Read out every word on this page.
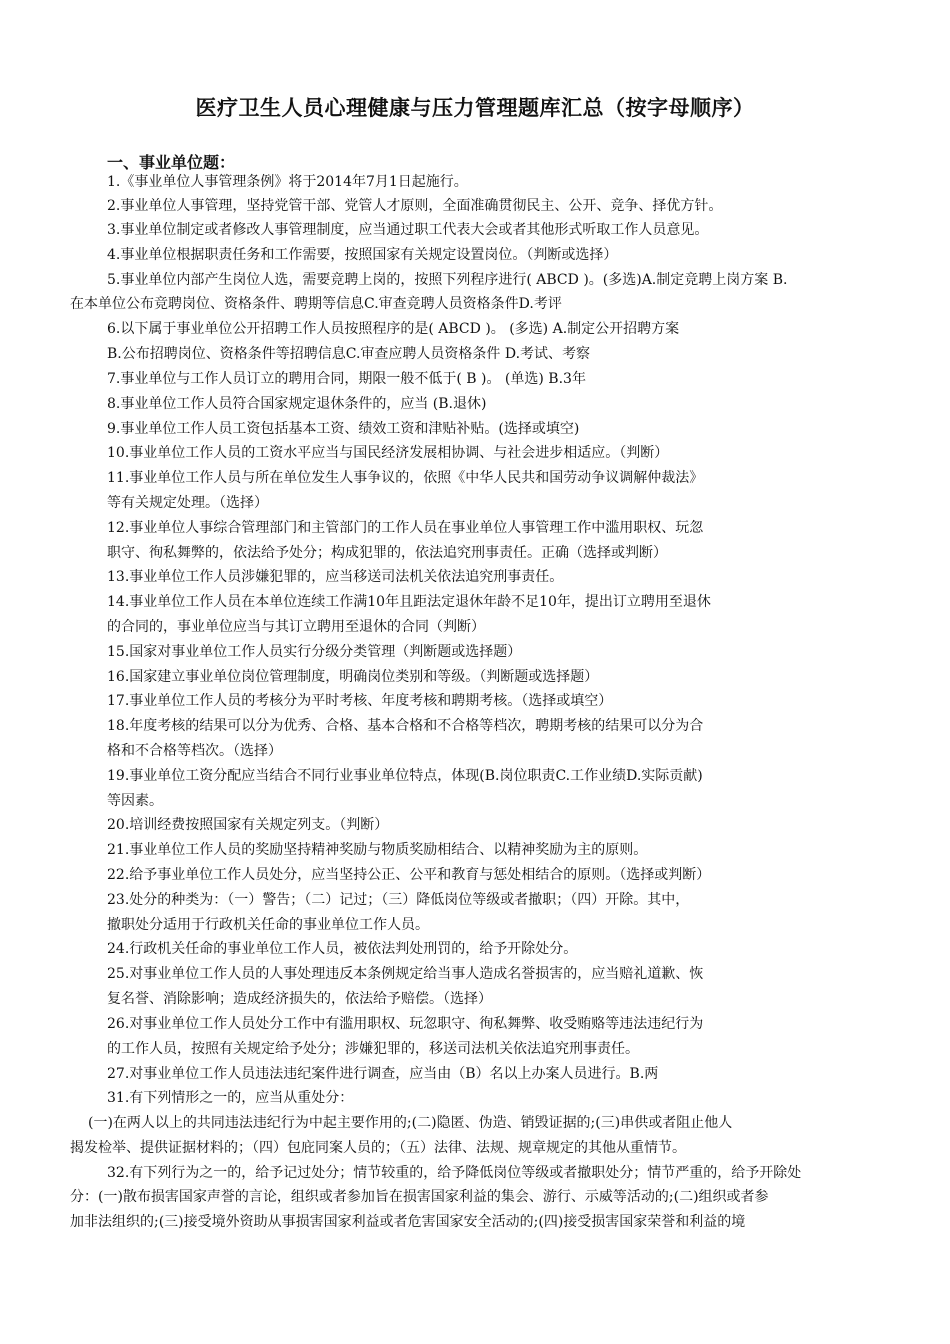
医疗卫生人员心理健康与压力管理题库汇总（按字母顺序）
一、事业单位题：
1.《事业单位人事管理条例》将于2014年7月1日起施行。
2.事业单位人事管理，坚持党管干部、党管人才原则，全面准确贯彻民主、公开、竞争、择优方针。
3.事业单位制定或者修改人事管理制度，应当通过职工代表大会或者其他形式听取工作人员意见。
4.事业单位根据职责任务和工作需要，按照国家有关规定设置岗位。（判断或选择）
5.事业单位内部产生岗位人选，需要竞聘上岗的，按照下列程序进行( ABCD )。(多选)A.制定竞聘上岗方案 B.
在本单位公布竞聘岗位、资格条件、聘期等信息C.审查竞聘人员资格条件D.考评
6.以下属于事业单位公开招聘工作人员按照程序的是( ABCD )。 (多选) A.制定公开招聘方案
B.公布招聘岗位、资格条件等招聘信息C.审查应聘人员资格条件 D.考试、考察
7.事业单位与工作人员订立的聘用合同，期限一般不低于( B )。 (单选) B.3年
8.事业单位工作人员符合国家规定退休条件的，应当 (B.退休)
9.事业单位工作人员工资包括基本工资、绩效工资和津贴补贴。(选择或填空)
10.事业单位工作人员的工资水平应当与国民经济发展相协调、与社会进步相适应。（判断）
11.事业单位工作人员与所在单位发生人事争议的，依照《中华人民共和国劳动争议调解仲裁法》
等有关规定处理。（选择）
12.事业单位人事综合管理部门和主管部门的工作人员在事业单位人事管理工作中滥用职权、玩忽
职守、徇私舞弊的，依法给予处分；构成犯罪的，依法追究刑事责任。正确（选择或判断）
13.事业单位工作人员涉嫌犯罪的，应当移送司法机关依法追究刑事责任。
14.事业单位工作人员在本单位连续工作满10年且距法定退休年龄不足10年，提出订立聘用至退休
的合同的，事业单位应当与其订立聘用至退休的合同（判断）
15.国家对事业单位工作人员实行分级分类管理（判断题或选择题）
16.国家建立事业单位岗位管理制度，明确岗位类别和等级。（判断题或选择题）
17.事业单位工作人员的考核分为平时考核、年度考核和聘期考核。（选择或填空）
18.年度考核的结果可以分为优秀、合格、基本合格和不合格等档次，聘期考核的结果可以分为合
格和不合格等档次。（选择）
19.事业单位工资分配应当结合不同行业事业单位特点，体现(B.岗位职责C.工作业绩D.实际贡献)
等因素。
20.培训经费按照国家有关规定列支。（判断）
21.事业单位工作人员的奖励坚持精神奖励与物质奖励相结合、以精神奖励为主的原则。
22.给予事业单位工作人员处分，应当坚持公正、公平和教育与惩处相结合的原则。（选择或判断）
23.处分的种类为：（一）警告；（二）记过；（三）降低岗位等级或者撤职；（四）开除。其中，
撤职处分适用于行政机关任命的事业单位工作人员。
24.行政机关任命的事业单位工作人员，被依法判处刑罚的，给予开除处分。
25.对事业单位工作人员的人事处理违反本条例规定给当事人造成名誉损害的，应当赔礼道歉、恢
复名誉、消除影响；造成经济损失的，依法给予赔偿。（选择）
26.对事业单位工作人员处分工作中有滥用职权、玩忽职守、徇私舞弊、收受贿赂等违法违纪行为
的工作人员，按照有关规定给予处分；涉嫌犯罪的，移送司法机关依法追究刑事责任。
27.对事业单位工作人员违法违纪案件进行调查，应当由（B）名以上办案人员进行。B.两
31.有下列情形之一的，应当从重处分：
(一)在两人以上的共同违法违纪行为中起主要作用的;(二)隐匿、伪造、销毁证据的;(三)串供或者阻止他人
揭发检举、提供证据材料的；（四）包庇同案人员的；（五）法律、法规、规章规定的其他从重情节。
32.有下列行为之一的，给予记过处分；情节较重的，给予降低岗位等级或者撤职处分；情节严重的，给予开除处
分：(一)散布损害国家声誉的言论，组织或者参加旨在损害国家利益的集会、游行、示威等活动的;(二)组织或者参
加非法组织的;(三)接受境外资助从事损害国家利益或者危害国家安全活动的;(四)接受损害国家荣誉和利益的境
